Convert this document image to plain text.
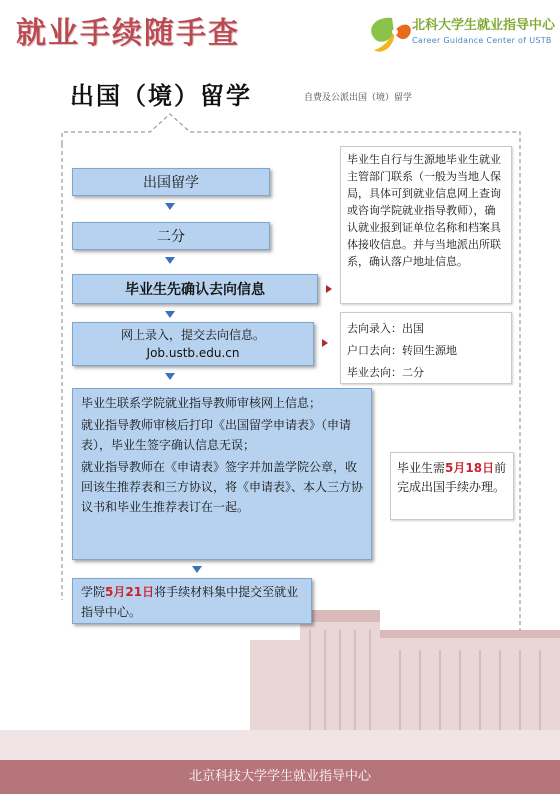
就业手续随手查	北科大学生就业指导中心
Career Guidance Center of USTB
出国（境）留学	自费及公派出国（境）留学
出国留学
二分
毕业生先确认去向信息
网上录入，提交去向信息。
Job.ustb.edu.cn
毕业生联系学院就业指导教师审核网上信息；
就业指导教师审核后打印《出国留学申请表》（申请表），毕业生签字确认信息无误；
就业指导教师在《申请表》签字并加盖学院公章，收回该生推荐表和三方协议，将《申请表》、本人三方协议书和毕业生推荐表订在一起。
学院5月21日将手续材料集中提交至就业指导中心。
毕业生自行与生源地毕业生就业主管部门联系（一般为当地人保局，具体可到就业信息网上查询或咨询学院就业指导教师），确认就业报到证单位名称和档案具体接收信息。并与当地派出所联系，确认落户地址信息。
去向录入：出国
户口去向：转回生源地
毕业去向：二分
毕业生需5月18日前完成出国手续办理。
北京科技大学学生就业指导中心
